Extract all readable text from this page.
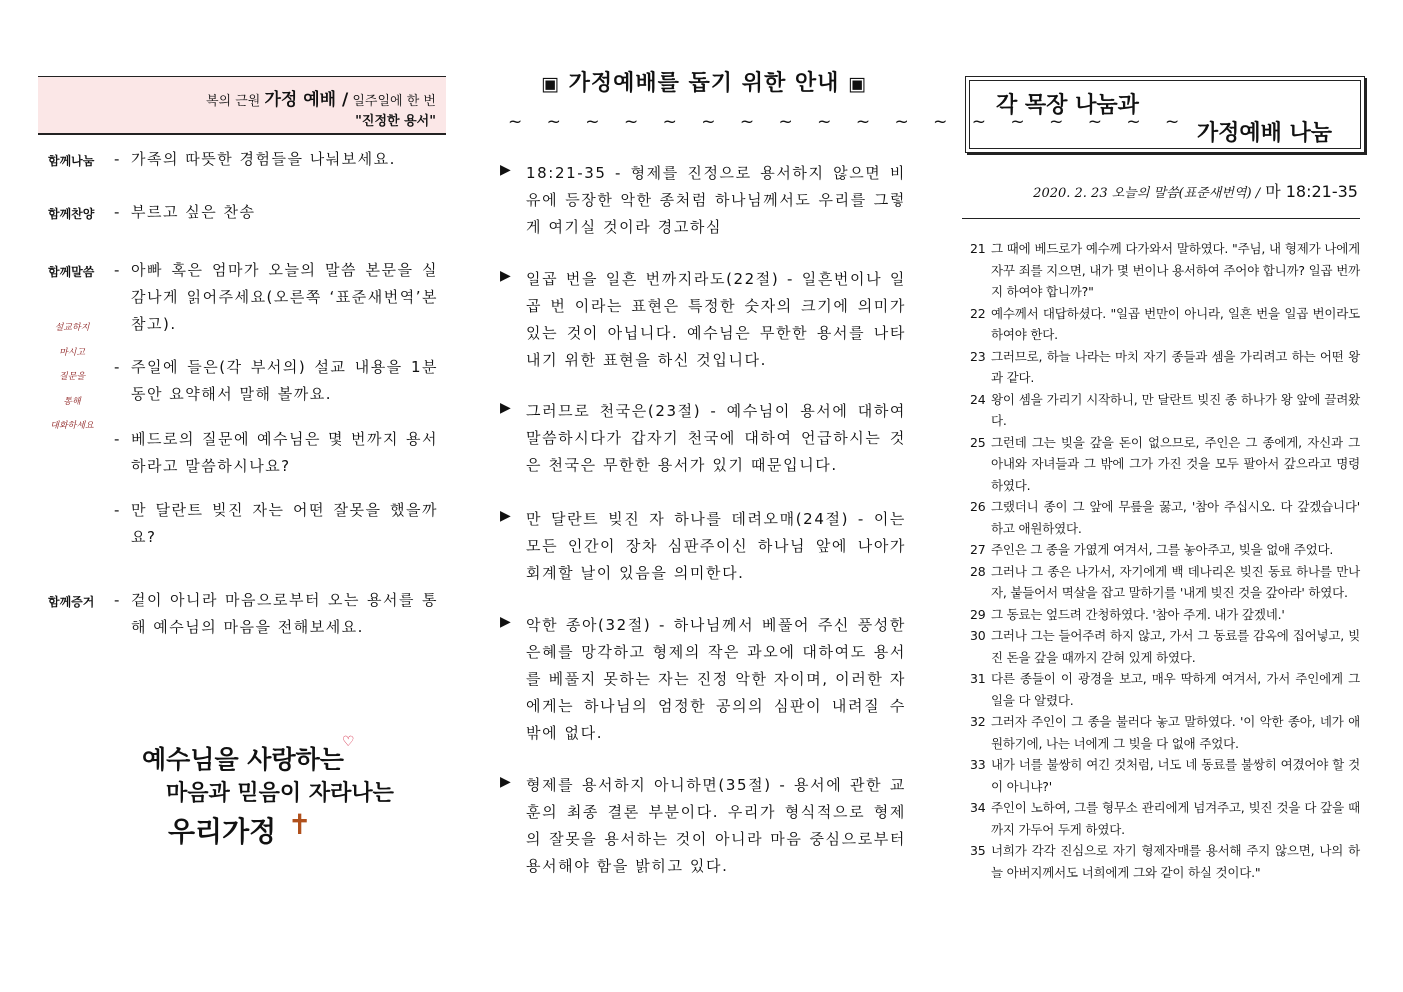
복의 근원 가정 예배 / 일주일에 한 번
"진정한 용서"
함께나눔 - 가족의 따뜻한 경험들을 나눠보세요.
함께찬양 - 부르고 싶은 찬송
함께말씀 - 아빠 혹은 엄마가 오늘의 말씀 본문을 실감나게 읽어주세요(오른쪽 ‘표준새번역’본 참고).
- 주일에 들은(각 부서의) 설교 내용을 1분 동안 요약해서 말해 볼까요.
- 베드로의 질문에 예수님은 몇 번까지 용서하라고 말씀하시나요?
- 만 달란트 빚진 자는 어떤 잘못을 했을까요?
함께증거 - 겉이 아니라 마음으로부터 오는 용서를 통해 예수님의 마음을 전해보세요.
설교하지
마시고
질문을
통해
대화하세요
예수님을 사랑하는
♡
마음과 믿음이 자라나는
우리가정 ✝
▣ 가정예배를 돕기 위한 안내 ▣
~ ~ ~ ~ ~ ~ ~ ~ ~ ~ ~ ~ ~ ~ ~ ~ ~ ~
▶ 18:21-35 - 형제를 진정으로 용서하지 않으면 비유에 등장한 악한 종처럼 하나님께서도 우리를 그렇게 여기실 것이라 경고하심
▶ 일곱 번을 일흔 번까지라도(22절) - 일흔번이나 일곱 번 이라는 표현은 특정한 숫자의 크기에 의미가 있는 것이 아닙니다. 예수님은 무한한 용서를 나타내기 위한 표현을 하신 것입니다.
▶ 그러므로 천국은(23절) - 예수님이 용서에 대하여 말씀하시다가 갑자기 천국에 대하여 언급하시는 것은 천국은 무한한 용서가 있기 때문입니다.
▶ 만 달란트 빚진 자 하나를 데려오매(24절) - 이는 모든 인간이 장차 심판주이신 하나님 앞에 나아가 회계할 날이 있음을 의미한다.
▶ 악한 종아(32절) - 하나님께서 베풀어 주신 풍성한 은혜를 망각하고 형제의 작은 과오에 대하여도 용서를 베풀지 못하는 자는 진정 악한 자이며, 이러한 자에게는 하나님의 엄정한 공의의 심판이 내려질 수 밖에 없다.
▶ 형제를 용서하지 아니하면(35절) - 용서에 관한 교훈의 최종 결론 부분이다. 우리가 형식적으로 형제의 잘못을 용서하는 것이 아니라 마음 중심으로부터 용서해야 함을 밝히고 있다.
각 목장 나눔과
가정예배 나눔
2020. 2. 23 오늘의 말씀(표준새번역) / 마 18:21-35
21 그 때에 베드로가 예수께 다가와서 말하였다. "주님, 내 형제가 나에게 자꾸 죄를 지으면, 내가 몇 번이나 용서하여 주어야 합니까? 일곱 번까지 하여야 합니까?"
22 예수께서 대답하셨다. "일곱 번만이 아니라, 일흔 번을 일곱 번이라도 하여야 한다.
23 그러므로, 하늘 나라는 마치 자기 종들과 셈을 가리려고 하는 어떤 왕과 같다.
24 왕이 셈을 가리기 시작하니, 만 달란트 빚진 종 하나가 왕 앞에 끌려왔다.
25 그런데 그는 빚을 갚을 돈이 없으므로, 주인은 그 종에게, 자신과 그 아내와 자녀들과 그 밖에 그가 가진 것을 모두 팔아서 갚으라고 명령하였다.
26 그랬더니 종이 그 앞에 무릎을 꿇고, '참아 주십시오. 다 갚겠습니다' 하고 애원하였다.
27 주인은 그 종을 가엾게 여겨서, 그를 놓아주고, 빚을 없애 주었다.
28 그러나 그 종은 나가서, 자기에게 백 데나리온 빚진 동료 하나를 만나자, 붙들어서 멱살을 잡고 말하기를 '내게 빚진 것을 갚아라' 하였다.
29 그 동료는 엎드려 간청하였다. '참아 주게. 내가 갚겠네.'
30 그러나 그는 들어주려 하지 않고, 가서 그 동료를 감옥에 집어넣고, 빚진 돈을 갚을 때까지 갇혀 있게 하였다.
31 다른 종들이 이 광경을 보고, 매우 딱하게 여겨서, 가서 주인에게 그 일을 다 알렸다.
32 그러자 주인이 그 종을 불러다 놓고 말하였다. '이 악한 종아, 네가 애원하기에, 나는 너에게 그 빚을 다 없애 주었다.
33 내가 너를 불쌍히 여긴 것처럼, 너도 네 동료를 불쌍히 여겼어야 할 것이 아니냐?'
34 주인이 노하여, 그를 형무소 관리에게 넘겨주고, 빚진 것을 다 갚을 때까지 가두어 두게 하였다.
35 너희가 각각 진심으로 자기 형제자매를 용서해 주지 않으면, 나의 하늘 아버지께서도 너희에게 그와 같이 하실 것이다."
